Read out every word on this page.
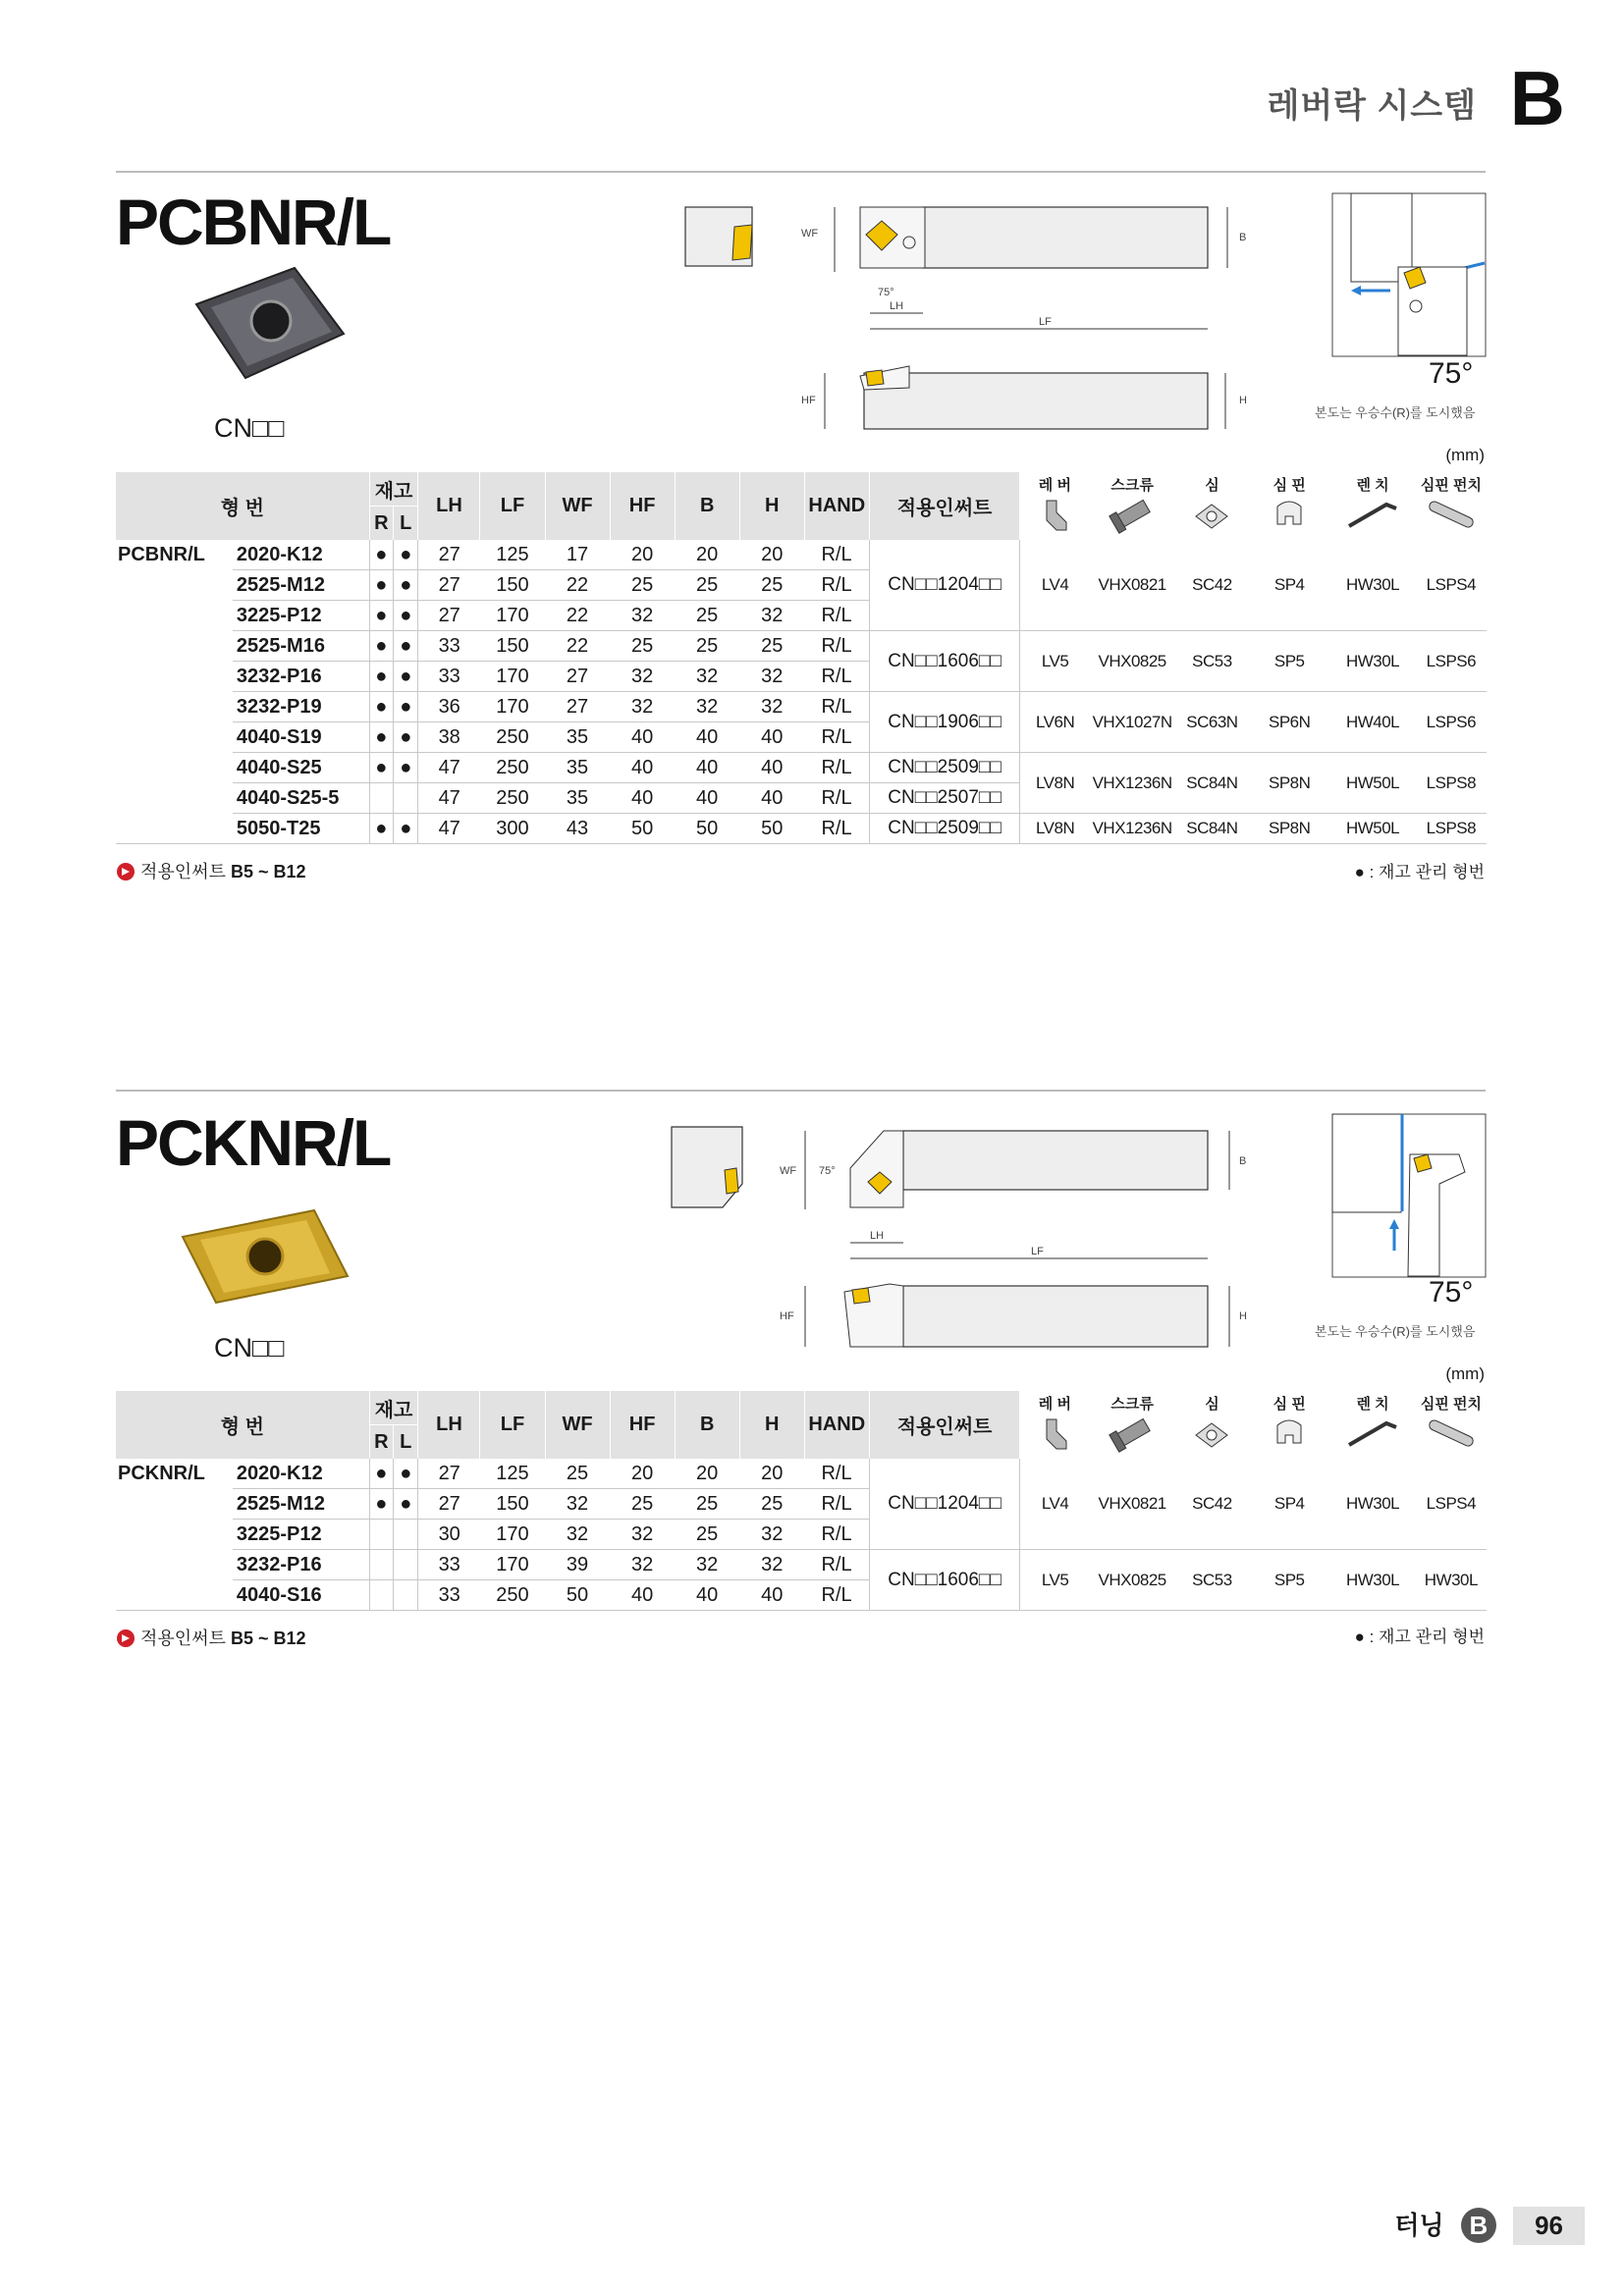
레버락 시스템 B
PCBNR/L
CN□□
WF	B
75°
LH
LF
HF	H
75°
본도는 우승수(R)를 도시했음
(mm)
형 번		재고		LH	LF	WF	HF	B	H	HAND	적용인써트	레 버	스크류	심	심 핀	렌 치	심핀 펀치

		R	L														
PCBNR/L	2020-K12	●	●	27	125	17	20	20	20	R/L	CN□□1204□□	LV4	VHX0821	SC42	SP4	HW30L	LSPS4
	2525-M12	●	●	27	150	22	25	25	25	R/L							
	3225-P12	●	●	27	170	22	32	25	32	R/L							
	2525-M16	●	●	33	150	22	25	25	25	R/L	CN□□1606□□	LV5	VHX0825	SC53	SP5	HW30L	LSPS6
	3232-P16	●	●	33	170	27	32	32	32	R/L							
	3232-P19	●	●	36	170	27	32	32	32	R/L	CN□□1906□□	LV6N	VHX1027N	SC63N	SP6N	HW40L	LSPS6
	4040-S19	●	●	38	250	35	40	40	40	R/L							
	4040-S25	●	●	47	250	35	40	40	40	R/L	CN□□2509□□	LV8N	VHX1236N	SC84N	SP8N	HW50L	LSPS8
	4040-S25-5			47	250	35	40	40	40	R/L	CN□□2507□□						
	5050-T25	●	●	47	300	43	50	50	50	R/L	CN□□2509□□	LV8N	VHX1236N	SC84N	SP8N	HW50L	LSPS8
적용인써트 B5 ~ B12	● : 재고 관리 형번
PCKNR/L
CN□□
WF 75°
B
LH
LF
HF	H
75°
본도는 우승수(R)를 도시했음
(mm)
형 번		재고		LH	LF	WF	HF	B	H	HAND	적용인써트	레 버	스크류	심	심 핀	렌 치	심핀 펀치

		R	L														
PCKNR/L	2020-K12	●	●	27	125	25	20	20	20	R/L	CN□□1204□□	LV4	VHX0821	SC42	SP4	HW30L	LSPS4
	2525-M12	●	●	27	150	32	25	25	25	R/L							
	3225-P12			30	170	32	32	25	32	R/L							
	3232-P16			33	170	39	32	32	32	R/L	CN□□1606□□	LV5	VHX0825	SC53	SP5	HW30L	HW30L
	4040-S16			33	250	50	40	40	40	R/L							
적용인써트 B5 ~ B12	● : 재고 관리 형번
터닝 B 96
